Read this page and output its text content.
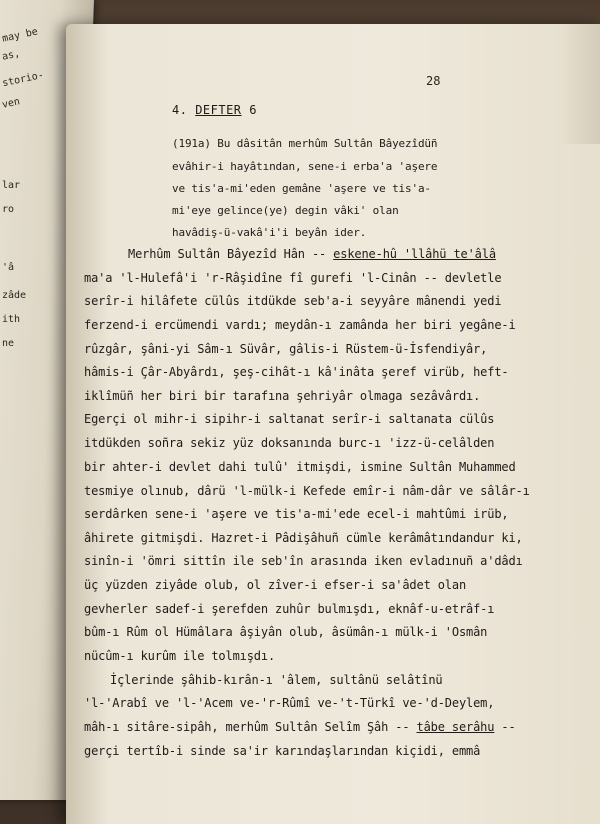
may be
as,
storio-
ven
lar
ro
'â
zâde
ith
ne
28
4. DEFTER 6
(191a) Bu dâsitân merhûm Sultân Bâyezîdüñ
evâhir-i hayâtından, sene-i erba'a 'aşere
ve tis'a-mi'eden gemâne 'aşere ve tis'a-
mi'eye gelince(ye) degin vâki' olan
havâdiş-ü-vakâ'i'i beyân ider.
Merhûm Sultân Bâyezîd Hân -- eskene-hû 'llâhü te'âlâ
ma'a 'l-Hulefâ'i 'r-Râşidîne fî gurefi 'l-Cinân -- devletle
serîr-i hilâfete cülûs itdükde seb'a-i seyyâre mânendi yedi
ferzend-i ercümendi vardı; meydân-ı zamânda her biri yegâne-i
rûzgâr, şâni-yi Sâm-ı Süvâr, gâlis-i Rüstem-ü-İsfendiyâr,
hâmis-i Çâr-Abyârdı, şeş-cihât-ı kâ'inâta şeref virüb, heft-
iklîmüñ her biri bir tarafına şehriyâr olmaga sezâvârdı.
Egerçi ol mihr-i sipihr-i saltanat serîr-i saltanata cülûs
itdükden soñra sekiz yüz doksanında burc-ı 'izz-ü-celâlden
bir ahter-i devlet dahi tulû' itmişdi, ismine Sultân Muhammed
tesmiye olınub, dârü 'l-mülk-i Kefede emîr-i nâm-dâr ve sâlâr-ı
serdârken sene-i 'aşere ve tis'a-mi'ede ecel-i mahtûmi irüb,
âhirete gitmişdi. Hazret-i Pâdişâhuñ cümle kerâmâtındandur ki,
sinîn-i 'ömri sittîn ile seb'în arasında iken evladınuñ a'dâdı
üç yüzden ziyâde olub, ol zîver-i efser-i sa'âdet olan
gevherler sadef-i şerefden zuhûr bulmışdı, eknâf-u-etrâf-ı
bûm-ı Rûm ol Hümâlara âşiyân olub, âsümân-ı mülk-i 'Osmân
nücûm-ı kurûm ile tolmışdı.
İçlerinde şâhib-kırân-ı 'âlem, sultânü selâtînü
'l-'Arabî ve 'l-'Acem ve-'r-Rûmî ve-'t-Türkî ve-'d-Deylem,
mâh-ı sitâre-sipâh, merhûm Sultân Selîm Şâh -- tâbe serâhu --
gerçi tertîb-i sinde sa'ir karındaşlarından kiçidi, emmâ
